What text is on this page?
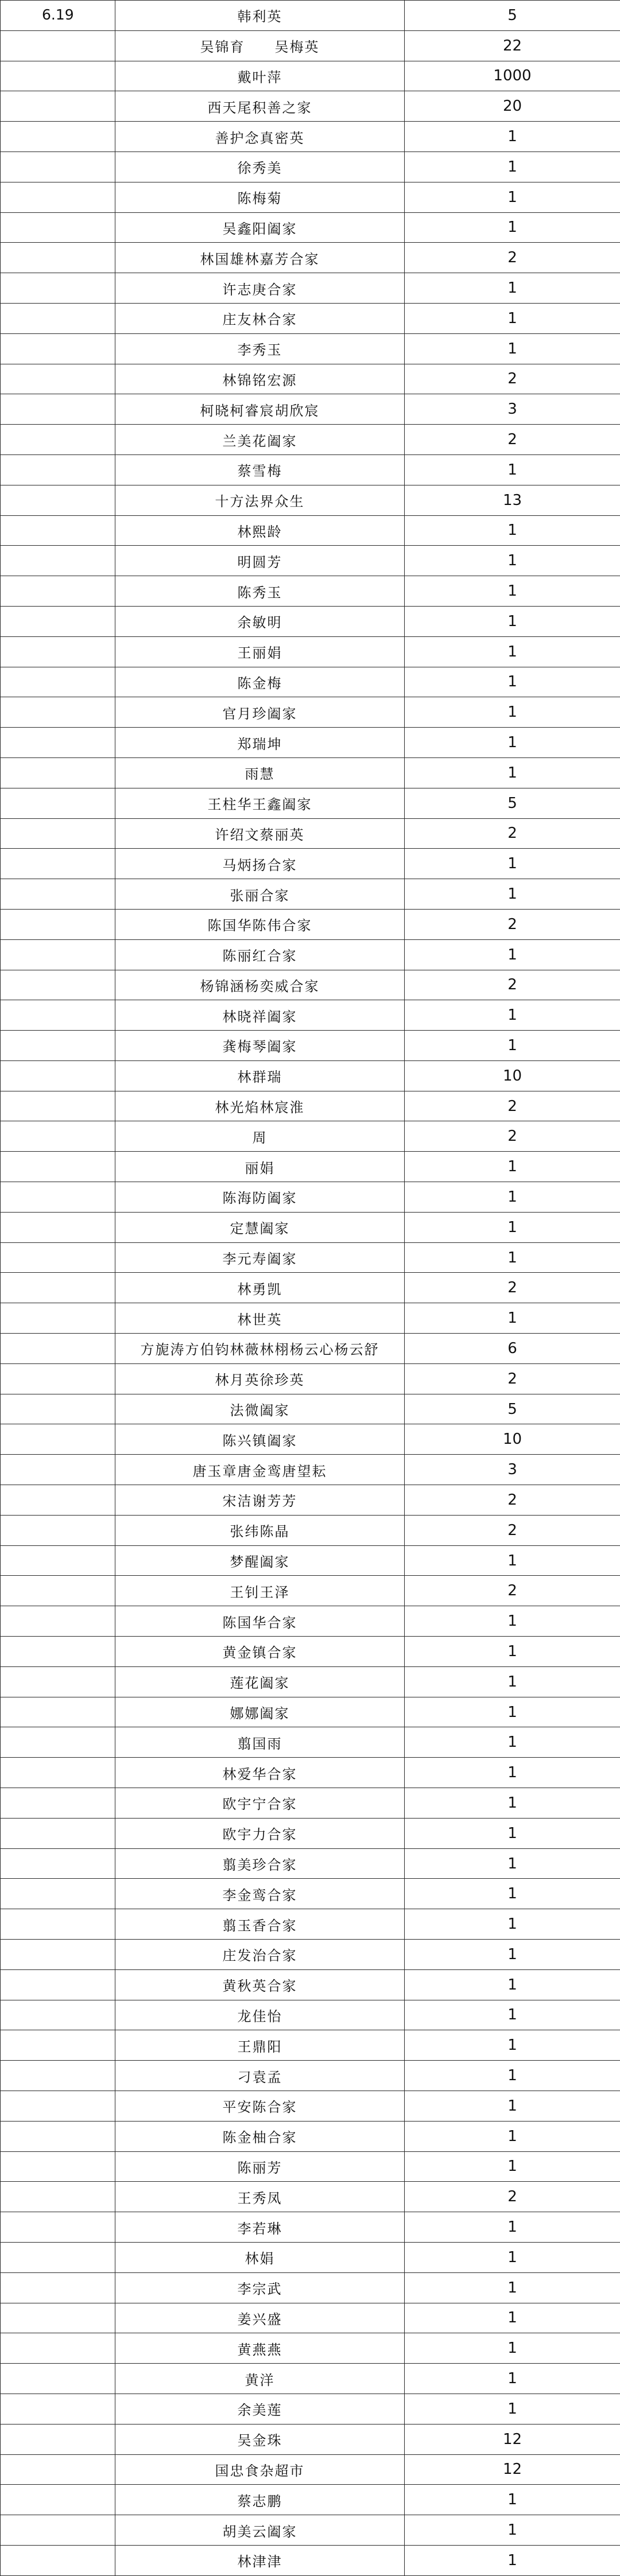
6.19	韩利英	5
	吴锦育　　吴梅英	22
	戴叶萍	1000
	西天尾积善之家	20
	善护念真密英	1
	徐秀美	1
	陈梅菊	1
	吴鑫阳阖家	1
	林国雄林嘉芳合家	2
	许志庚合家	1
	庄友林合家	1
	李秀玉	1
	林锦铭宏源	2
	柯晓柯睿宸胡欣宸	3
	兰美花阖家	2
	蔡雪梅	1
	十方法界众生	13
	林熙龄	1
	明圆芳	1
	陈秀玉	1
	余敏明	1
	王丽娟	1
	陈金梅	1
	官月珍阖家	1
	郑瑞坤	1
	雨慧	1
	王柱华王鑫阖家	5
	许绍文蔡丽英	2
	马炳扬合家	1
	张丽合家	1
	陈国华陈伟合家	2
	陈丽红合家	1
	杨锦涵杨奕威合家	2
	林晓祥阖家	1
	龚梅琴阖家	1
	林群瑞	10
	林光焰林宸淮	2
	周	2
	丽娟	1
	陈海防阖家	1
	定慧阖家	1
	李元寿阖家	1
	林勇凯	2
	林世英	1
	方旎涛方伯钧林薇林栩杨云心杨云舒	6
	林月英徐珍英	2
	法微阖家	5
	陈兴镇阖家	10
	唐玉章唐金鸾唐望耘	3
	宋洁谢芳芳	2
	张纬陈晶	2
	梦醒阖家	1
	王钊王泽	2
	陈国华合家	1
	黄金镇合家	1
	莲花阖家	1
	娜娜阖家	1
	翦国雨	1
	林爱华合家	1
	欧宇宁合家	1
	欧宇力合家	1
	翦美珍合家	1
	李金鸾合家	1
	翦玉香合家	1
	庄发治合家	1
	黄秋英合家	1
	龙佳怡	1
	王鼎阳	1
	刁袁孟	1
	平安陈合家	1
	陈金柚合家	1
	陈丽芳	1
	王秀凤	2
	李若琳	1
	林娟	1
	李宗武	1
	姜兴盛	1
	黄燕燕	1
	黄洋	1
	余美莲	1
	吴金珠	12
	国忠食杂超市	12
	蔡志鹏	1
	胡美云阖家	1
	林津津	1
